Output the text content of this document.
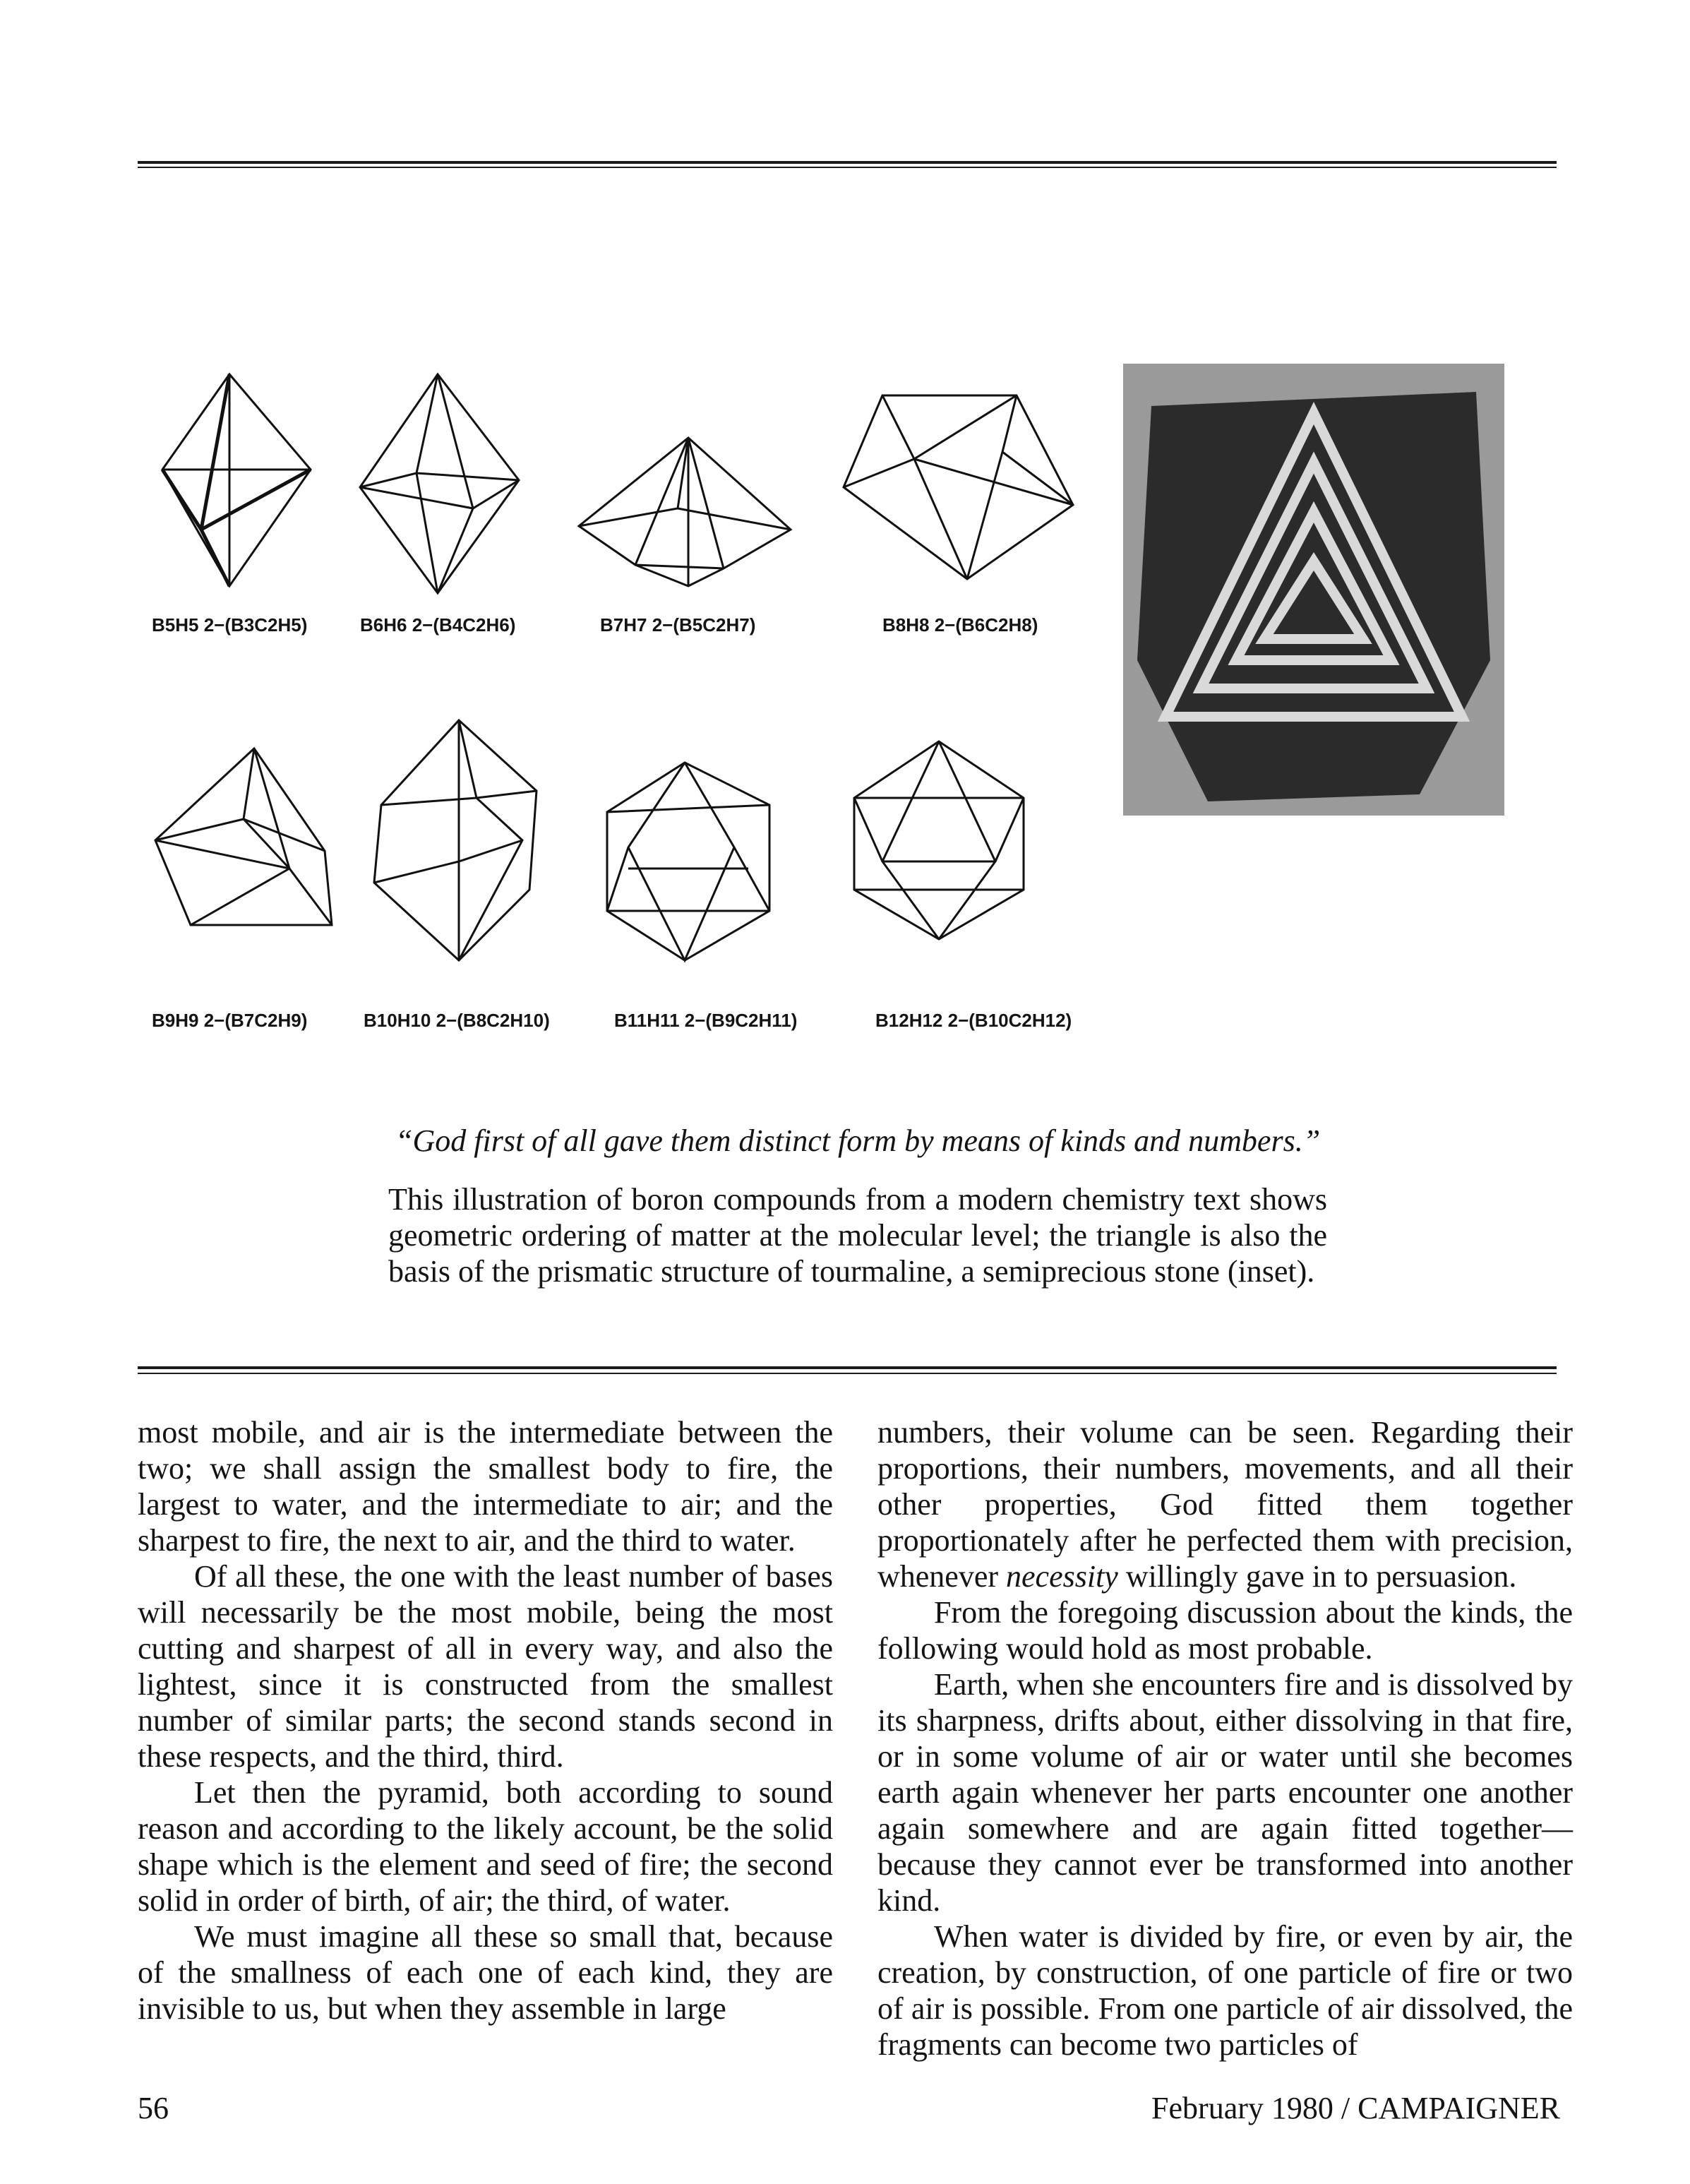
B5H5 2−(B3C2H5)	B6H6 2−(B4C2H6)	B7H7 2−(B5C2H7)	B8H8 2−(B6C2H8)
B9H9 2−(B7C2H9)	B10H10 2−(B8C2H10)	B11H11 2−(B9C2H11)	B12H12 2−(B10C2H12)
“God first of all gave them distinct form by means of kinds and numbers.”
This illustration of boron compounds from a modern chemistry text shows geometric ordering of matter at the molecular level; the triangle is also the basis of the prismatic structure of tourmaline, a semiprecious stone (inset).

most mobile, and air is the intermediate between the two; we shall assign the smallest body to fire, the largest to water, and the intermediate to air; and the sharpest to fire, the next to air, and the third to water.

Of all these, the one with the least number of bases will necessarily be the most mobile, being the most cutting and sharpest of all in every way, and also the lightest, since it is constructed from the smallest number of similar parts; the second stands second in these respects, and the third, third.

Let then the pyramid, both according to sound reason and according to the likely account, be the solid shape which is the element and seed of fire; the second solid in order of birth, of air; the third, of water.

We must imagine all these so small that, because of the smallness of each one of each kind, they are invisible to us, but when they assemble in large

numbers, their volume can be seen. Regarding their proportions, their numbers, movements, and all their other properties, God fitted them together proportionately after he perfected them with precision, whenever necessity willingly gave in to persuasion.

From the foregoing discussion about the kinds, the following would hold as most probable.

Earth, when she encounters fire and is dissolved by its sharpness, drifts about, either dissolving in that fire, or in some volume of air or water until she becomes earth again whenever her parts encounter one another again somewhere and are again fitted together—because they cannot ever be transformed into another kind.

When water is divided by fire, or even by air, the creation, by construction, of one particle of fire or two of air is possible. From one particle of air dissolved, the fragments can become two particles of

56	February 1980 / CAMPAIGNER
